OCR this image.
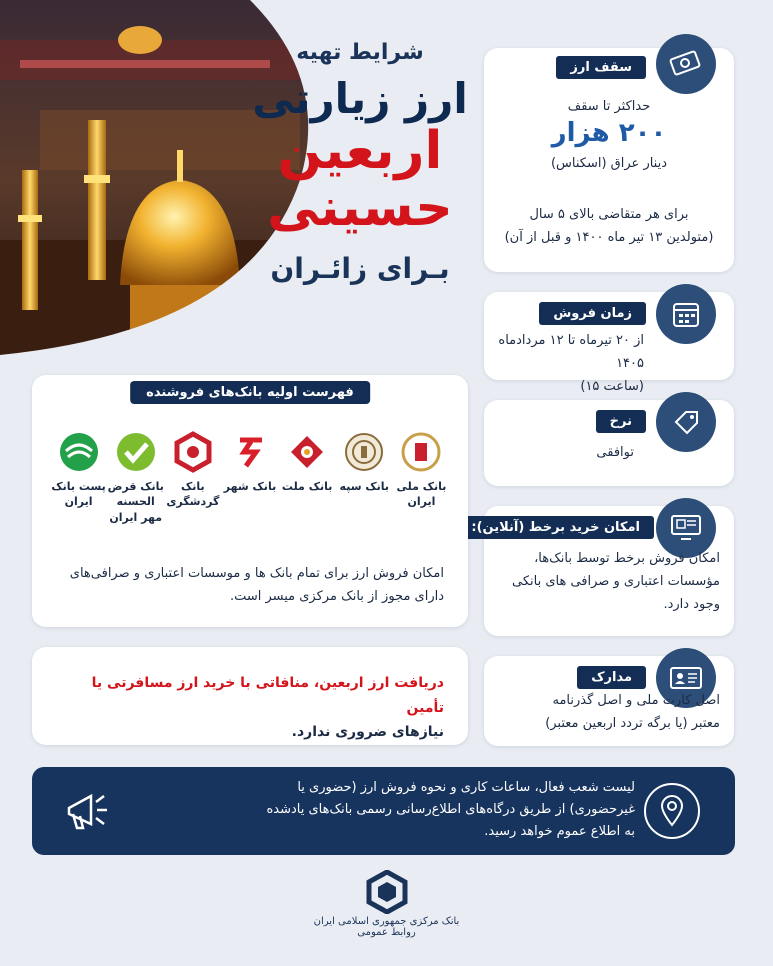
شرایط تهیه
ارز زیارتی
اربعین
حسینی
بـرای زائـران
سقف ارز
حداکثر تا سقف
۲۰۰ هزار
دینار عراق (اسکناس)
برای هر متقاضی بالای ۵ سال
(متولدین ۱۳ تیر ماه ۱۴۰۰ و قبل از آن)
زمان فروش
از ۲۰ تیرماه تا ۱۲ مردادماه ۱۴۰۵
(ساعت ۱۵)
نرخ
توافقی
امکان خرید برخط (آنلاین):
امکان فروش برخط توسط بانک‌ها،
مؤسسات اعتباری و صرافی های بانکی
وجود دارد.
مدارک
اصل کارت ملی و اصل گذرنامه
معتبر (یا برگه تردد اربعین معتبر)
فهرست اولیه بانک‌های فروشنده
بانک ملی
ایران
بانک سپه
بانک ملت
بانک شهر
بانک
گردشگری
بانک قرض
الحسنه مهر ایران
پست بانک
ایران
امکان فروش ارز برای تمام بانک ها و موسسات اعتباری و صرافی‌های
دارای مجوز از بانک مرکزی میسر است.
دریافت ارز اربعین، منافاتی با خرید ارز مسافرتی یا تأمین
نیازهای ضروری ندارد.
لیست شعب فعال، ساعات کاری و نحوه فروش ارز (حضوری یا
غیرحضوری) از طریق درگاه‌های اطلاع‌رسانی رسمی بانک‌های یادشده
به اطلاع عموم خواهد رسید.
بانک مرکزی جمهوری اسلامی ایران
روابط عمومی
